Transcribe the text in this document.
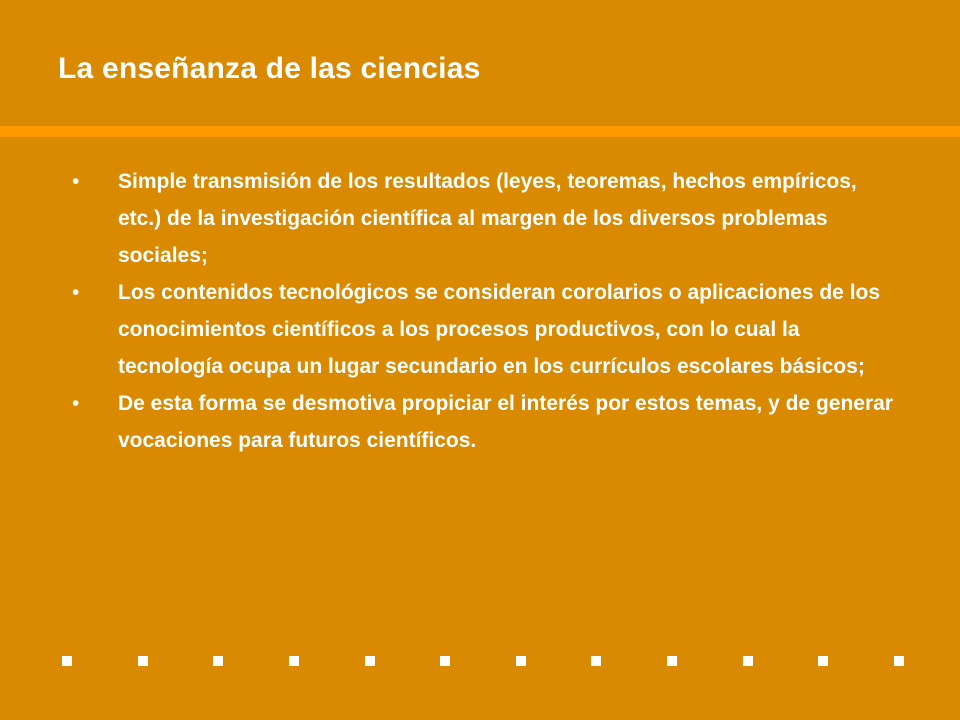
La enseñanza de las ciencias
• Simple transmisión de los resultados (leyes, teoremas, hechos empíricos, etc.) de la investigación científica al margen de los diversos problemas sociales;
• Los contenidos tecnológicos se consideran corolarios o aplicaciones de los conocimientos científicos a los procesos productivos, con lo cual la tecnología ocupa un lugar secundario en los currículos escolares básicos;
• De esta forma se desmotiva propiciar el interés por estos temas, y de generar vocaciones para futuros científicos.
